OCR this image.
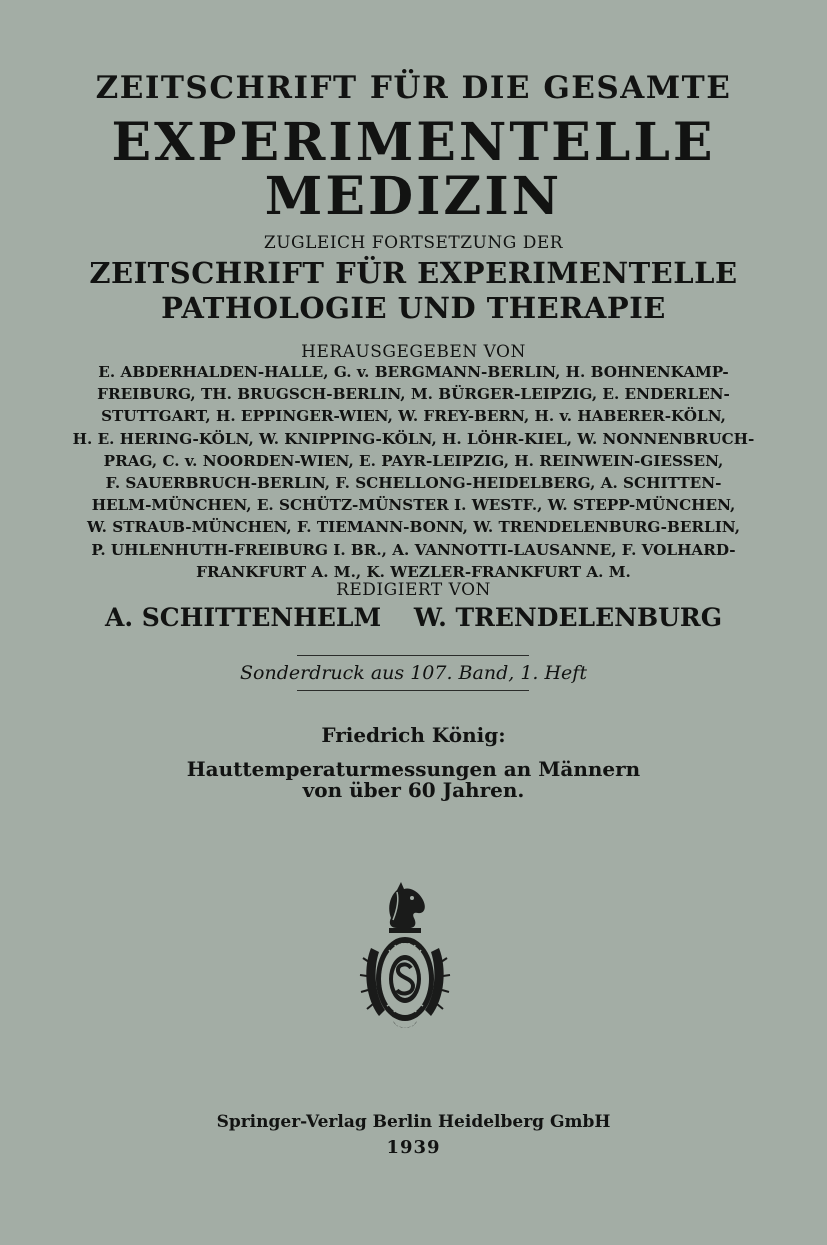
ZEITSCHRIFT FÜR DIE GESAMTE
EXPERIMENTELLE
MEDIZIN
ZUGLEICH FORTSETZUNG DER
ZEITSCHRIFT FÜR EXPERIMENTELLE
PATHOLOGIE UND THERAPIE
HERAUSGEGEBEN VON
E. ABDERHALDEN-HALLE, G. v. BERGMANN-BERLIN, H. BOHNENKAMP-
FREIBURG, TH. BRUGSCH-BERLIN, M. BÜRGER-LEIPZIG, E. ENDERLEN-
STUTTGART, H. EPPINGER-WIEN, W. FREY-BERN, H. v. HABERER-KÖLN,
H. E. HERING-KÖLN, W. KNIPPING-KÖLN, H. LÖHR-KIEL, W. NONNENBRUCH-
PRAG, C. v. NOORDEN-WIEN, E. PAYR-LEIPZIG, H. REINWEIN-GIESSEN,
F. SAUERBRUCH-BERLIN, F. SCHELLONG-HEIDELBERG, A. SCHITTEN-
HELM-MÜNCHEN, E. SCHÜTZ-MÜNSTER I. WESTF., W. STEPP-MÜNCHEN,
W. STRAUB-MÜNCHEN, F. TIEMANN-BONN, W. TRENDELENBURG-BERLIN,
P. UHLENHUTH-FREIBURG I. BR., A. VANNOTTI-LAUSANNE, F. VOLHARD-
FRANKFURT A. M., K. WEZLER-FRANKFURT A. M.
REDIGIERT VON
A. SCHITTENHELM W. TRENDELENBURG
Sonderdruck aus 107. Band, 1. Heft
Friedrich König:
Hauttemperaturmessungen an Männern
von über 60 Jahren.
Springer-Verlag Berlin Heidelberg GmbH
1939
